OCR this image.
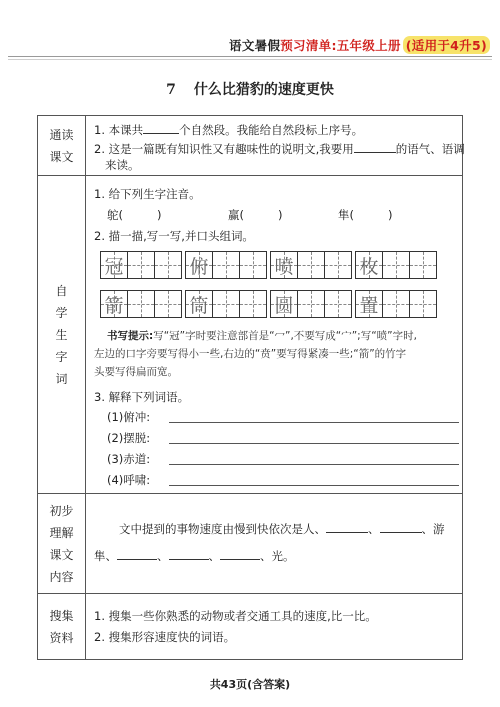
语文暑假预习清单:五年级上册 (适用于4升5)
7 什么比猎豹的速度更快
通读
课文
1. 本课共	个自然段。我能给自然段标上序号。
2. 这是一篇既有知识性又有趣味性的说明文,我要用	的语气、语调
来读。
自
学
生
字
词
1. 给下列生字注音。
鸵(	)	赢(	)	隼(	)
2. 描一描,写一写,并口头组词。
冠	俯	喷	枚
箭	筒	圆	置
书写提示:写“冠”字时要注意部首是“冖”,不要写成“宀”;写“喷”字时,
左边的口字旁要写得小一些,右边的“贲”要写得紧凑一些;“箭”的竹字
头要写得扁而宽。
3. 解释下列词语。
(1)俯冲:
(2)摆脱:
(3)赤道:
(4)呼啸:
初步
理解
课文
内容
文中提到的事物速度由慢到快依次是人、	、	、游
隼、	、	、	、光。
搜集
资料
1. 搜集一些你熟悉的动物或者交通工具的速度,比一比。
2. 搜集形容速度快的词语。
共43页(含答案)
